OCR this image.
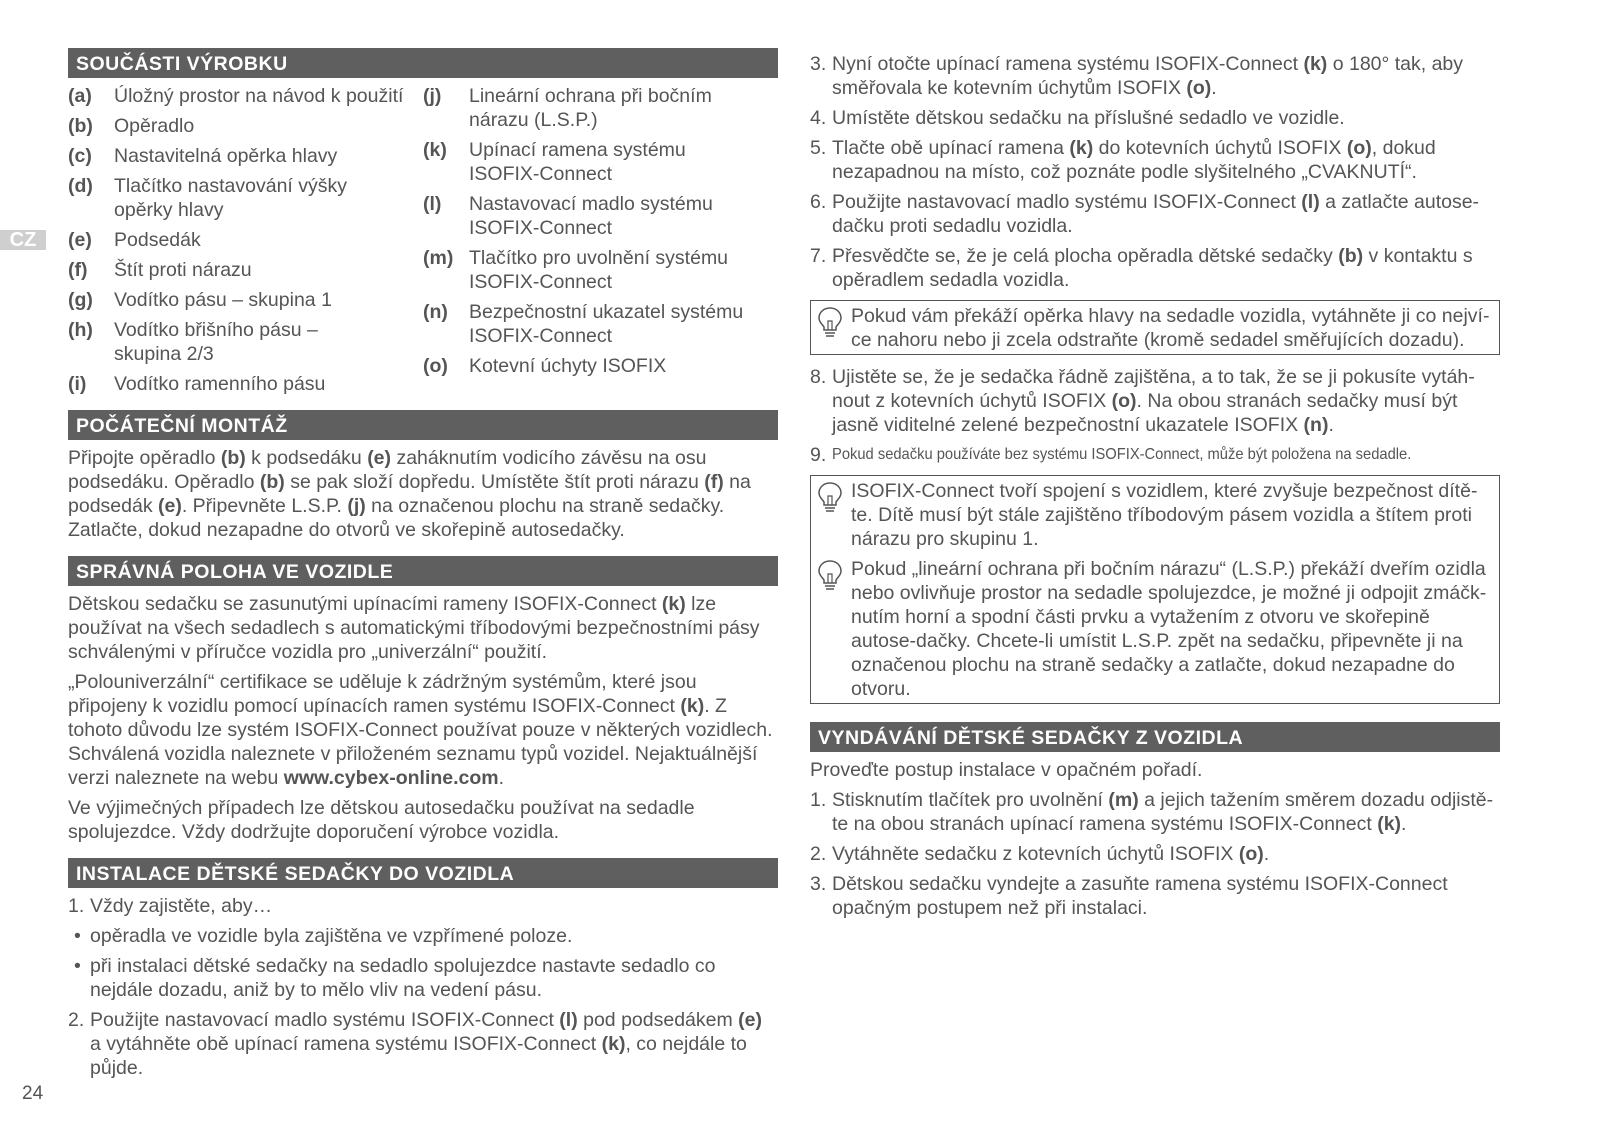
CZ
SOUČÁSTI VÝROBKU
(a)	Úložný prostor na návod k použití
(b)	Opěradlo
(c)	Nastavitelná opěrka hlavy
(d)	Tlačítko nastavování výšky opěrky hlavy
(e)	Podsedák
(f)	Štít proti nárazu
(g)	Vodítko pásu – skupina 1
(h)	Vodítko břišního pásu – skupina 2/3
(i)	Vodítko ramenního pásu
(j)	Lineární ochrana při bočním nárazu (L.S.P.)
(k)	Upínací ramena systému ISOFIX-Connect
(l)	Nastavovací madlo systému ISOFIX-Connect
(m) Tlačítko pro uvolnění systému ISOFIX-Connect
(n)	Bezpečnostní ukazatel systému ISOFIX-Connect
(o)	Kotevní úchyty ISOFIX
POČÁTEČNÍ MONTÁŽ

Připojte opěradlo (b) k podsedáku (e) zaháknutím vodicího závěsu na osu podsedáku. Opěradlo (b) se pak složí dopředu. Umístěte štít proti nárazu (f) na podsedák (e). Připevněte L.S.P. (j) na označenou plochu na straně sedačky. Zatlačte, dokud nezapadne do otvorů ve skořepině autosedačky.

SPRÁVNÁ POLOHA VE VOZIDLE

Dětskou sedačku se zasunutými upínacími rameny ISOFIX-Connect (k) lze používat na všech sedadlech s automatickými tříbodovými bezpečnostními pásy schválenými v příručce vozidla pro „univerzální“ použití.

„Polouniverzální“ certifikace se uděluje k zádržným systémům, které jsou připojeny k vozidlu pomocí upínacích ramen systému ISOFIX-Connect (k). Z tohoto důvodu lze systém ISOFIX-Connect používat pouze v některých vozidlech. Schválená vozidla naleznete v přiloženém seznamu typů vozidel. Nejaktuálnější verzi naleznete na webu www.cybex-online.com.

Ve výjimečných případech lze dětskou autosedačku používat na sedadle spolujezdce. Vždy dodržujte doporučení výrobce vozidla.

INSTALACE DĚTSKÉ SEDAČKY DO VOZIDLA
1. Vždy zajistěte, aby…
• opěradla ve vozidle byla zajištěna ve vzpřímené poloze.
• při instalaci dětské sedačky na sedadlo spolujezdce nastavte sedadlo co nejdále dozadu, aniž by to mělo vliv na vedení pásu.
2. Použijte nastavovací madlo systému ISOFIX-Connect (l) pod podsedákem (e) a vytáhněte obě upínací ramena systému ISOFIX-Connect (k), co nejdále to půjde.
3. Nyní otočte upínací ramena systému ISOFIX-Connect (k) o 180° tak, aby směřovala ke kotevním úchytům ISOFIX (o).
4. Umístěte dětskou sedačku na příslušné sedadlo ve vozidle.
5. Tlačte obě upínací ramena (k) do kotevních úchytů ISOFIX (o), dokud nezapadnou na místo, což poznáte podle slyšitelného „CVAKNUTÍ“.
6. Použijte nastavovací madlo systému ISOFIX-Connect (l) a zatlačte autose-dačku proti sedadlu vozidla.
7. Přesvědčte se, že je celá plocha opěradla dětské sedačky (b) v kontaktu s opěradlem sedadla vozidla.
Pokud vám překáží opěrka hlavy na sedadle vozidla, vytáhněte ji co nejví-ce nahoru nebo ji zcela odstraňte (kromě sedadel směřujících dozadu).
8. Ujistěte se, že je sedačka řádně zajištěna, a to tak, že se ji pokusíte vytáh-nout z kotevních úchytů ISOFIX (o). Na obou stranách sedačky musí být jasně viditelné zelené bezpečnostní ukazatele ISOFIX (n).
9. Pokud sedačku používáte bez systému ISOFIX-Connect, může být položena na sedadle.
ISOFIX-Connect tvoří spojení s vozidlem, které zvyšuje bezpečnost dítě-te. Dítě musí být stále zajištěno tříbodovým pásem vozidla a štítem proti nárazu pro skupinu 1.
Pokud „lineární ochrana při bočním nárazu“ (L.S.P.) překáží dveřím ozidla nebo ovlivňuje prostor na sedadle spolujezdce, je možné ji odpojit zmáčk-nutím horní a spodní části prvku a vytažením z otvoru ve skořepině autose-dačky. Chcete-li umístit L.S.P. zpět na sedačku, připevněte ji na označenou plochu na straně sedačky a zatlačte, dokud nezapadne do otvoru.
VYNDÁVÁNÍ DĚTSKÉ SEDAČKY Z VOZIDLA

Proveďte postup instalace v opačném pořadí.

1. Stisknutím tlačítek pro uvolnění (m) a jejich tažením směrem dozadu odjistě-te na obou stranách upínací ramena systému ISOFIX-Connect (k).
2. Vytáhněte sedačku z kotevních úchytů ISOFIX (o).
3. Dětskou sedačku vyndejte a zasuňte ramena systému ISOFIX-Connect opačným postupem než při instalaci.
24
